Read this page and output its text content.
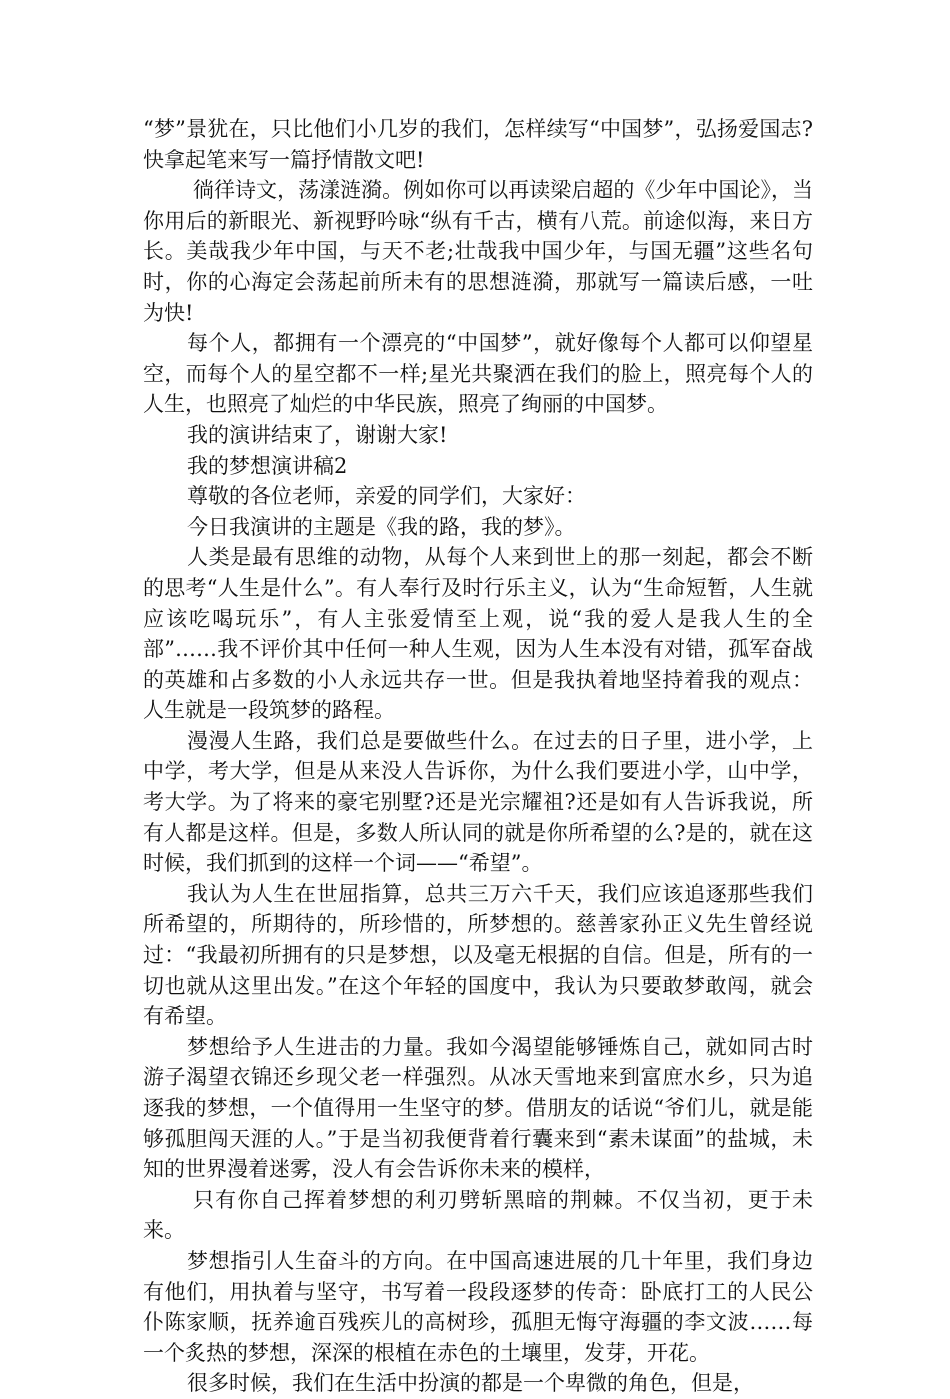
“梦”景犹在，只比他们小几岁的我们，怎样续写“中国梦”，弘扬爱国志?快拿起笔来写一篇抒情散文吧!

徜徉诗文，荡漾涟漪。例如你可以再读梁启超的《少年中国论》，当你用后的新眼光、新视野吟咏“纵有千古，横有八荒。前途似海，来日方长。美哉我少年中国，与天不老;壮哉我中国少年，与国无疆”这些名句时，你的心海定会荡起前所未有的思想涟漪，那就写一篇读后感，一吐为快!

每个人，都拥有一个漂亮的“中国梦”，就好像每个人都可以仰望星空，而每个人的星空都不一样;星光共聚洒在我们的脸上，照亮每个人的人生，也照亮了灿烂的中华民族，照亮了绚丽的中国梦。

我的演讲结束了，谢谢大家!

我的梦想演讲稿2

尊敬的各位老师，亲爱的同学们，大家好：

今日我演讲的主题是《我的路，我的梦》。

人类是最有思维的动物，从每个人来到世上的那一刻起，都会不断的思考“人生是什么”。有人奉行及时行乐主义，认为“生命短暂，人生就应该吃喝玩乐”，有人主张爱情至上观，说“我的爱人是我人生的全部”……我不评价其中任何一种人生观，因为人生本没有对错，孤军奋战的英雄和占多数的小人永远共存一世。但是我执着地坚持着我的观点：人生就是一段筑梦的路程。

漫漫人生路，我们总是要做些什么。在过去的日子里，进小学，上中学，考大学，但是从来没人告诉你，为什么我们要进小学，山中学，考大学。为了将来的豪宅别墅?还是光宗耀祖?还是如有人告诉我说，所有人都是这样。但是，多数人所认同的就是你所希望的么?是的，就在这时候，我们抓到的这样一个词——“希望”。

我认为人生在世屈指算，总共三万六千天，我们应该追逐那些我们所希望的，所期待的，所珍惜的，所梦想的。慈善家孙正义先生曾经说过：“我最初所拥有的只是梦想，以及毫无根据的自信。但是，所有的一切也就从这里出发。”在这个年轻的国度中，我认为只要敢梦敢闯，就会有希望。

梦想给予人生进击的力量。我如今渴望能够锤炼自己，就如同古时游子渴望衣锦还乡现父老一样强烈。从冰天雪地来到富庶水乡，只为追逐我的梦想，一个值得用一生坚守的梦。借朋友的话说“爷们儿，就是能够孤胆闯天涯的人。”于是当初我便背着行囊来到“素未谋面”的盐城，未知的世界漫着迷雾，没人有会告诉你未来的模样，

只有你自己挥着梦想的利刃劈斩黑暗的荆棘。不仅当初，更于未来。

梦想指引人生奋斗的方向。在中国高速进展的几十年里，我们身边有他们，用执着与坚守，书写着一段段逐梦的传奇：卧底打工的人民公仆陈家顺，抚养逾百残疾儿的高树珍，孤胆无悔守海疆的李文波……每一个炙热的梦想，深深的根植在赤色的土壤里，发芽，开花。

很多时候，我们在生活中扮演的都是一个卑微的角色，但是，
